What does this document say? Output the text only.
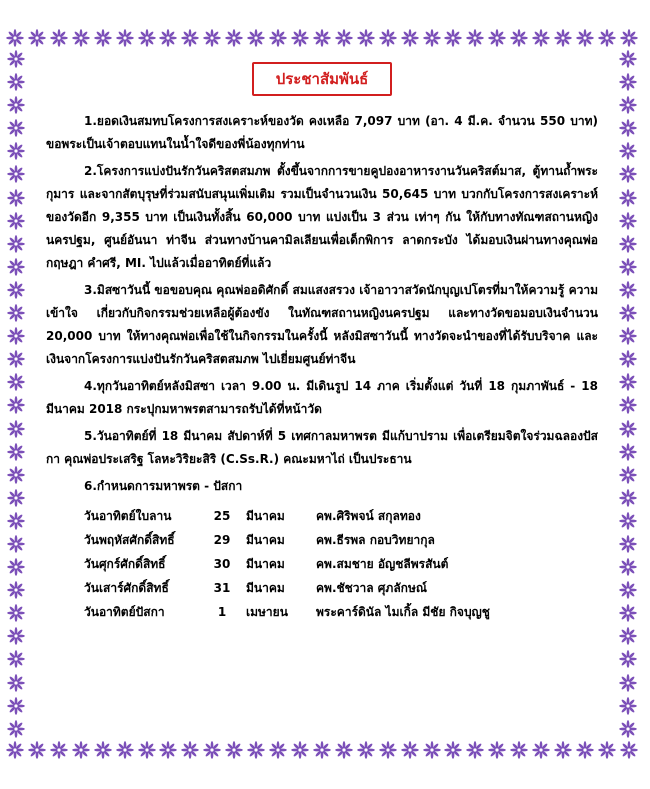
ประชาสัมพันธ์

1.ยอดเงินสมทบโครงการสงเคราะห์ของวัด คงเหลือ 7,097 บาท (อา. 4 มี.ค. จำนวน 550 บาท) ขอพระเป็นเจ้าตอบแทนในน้ำใจดีของพี่น้องทุกท่าน

2.โครงการแบ่งปันรักวันคริสตสมภพ ตั้งขึ้นจากการขายคูปองอาหารงานวันคริสต์มาส, ตู้ทานถ้ำพระกุมาร และจากสัตบุรุษที่ร่วมสนับสนุนเพิ่มเติม รวมเป็นจำนวนเงิน 50,645 บาท บวกกับโครงการสงเคราะห์ของวัดอีก 9,355 บาท เป็นเงินทั้งสิ้น 60,000 บาท แบ่งเป็น 3 ส่วน เท่าๆ กัน ให้กับทางทัณฑสถานหญิงนครปฐม, ศูนย์อันนา ท่าจีน ส่วนทางบ้านคามิลเลียนเพื่อเด็กพิการ ลาดกระบัง ได้มอบเงินผ่านทางคุณพ่อกฤษฎา คำศรี, MI. ไปแล้วเมื่ออาทิตย์ที่แล้ว

3.มิสซาวันนี้ ขอขอบคุณ คุณพ่ออดิศักดิ์ สมแสงสรวง เจ้าอาวาสวัดนักบุญเปโตรที่มาให้ความรู้ ความเข้าใจ เกี่ยวกับกิจกรรมช่วยเหลือผู้ต้องขัง ในทัณฑสถานหญิงนครปฐม และทางวัดขอมอบเงินจำนวน 20,000 บาท ให้ทางคุณพ่อเพื่อใช้ในกิจกรรมในครั้งนี้ หลังมิสซาวันนี้ ทางวัดจะนำของที่ได้รับบริจาค และเงินจากโครงการแบ่งปันรักวันคริสตสมภพ ไปเยี่ยมศูนย์ท่าจีน

4.ทุกวันอาทิตย์หลังมิสซา เวลา 9.00 น. มีเดินรูป 14 ภาค เริ่มตั้งแต่ วันที่ 18 กุมภาพันธ์ - 18 มีนาคม 2018 กระปุกมหาพรตสามารถรับได้ที่หน้าวัด

5.วันอาทิตย์ที่ 18 มีนาคม สัปดาห์ที่ 5 เทศกาลมหาพรต มีแก้บาปราม เพื่อเตรียมจิตใจร่วมฉลองปัสกา คุณพ่อประเสริฐ โลหะวิริยะสิริ (C.Ss.R.) คณะมหาไถ่ เป็นประธาน

6.กำหนดการมหาพรต - ปัสกา
วันอาทิตย์ใบลาน	25	มีนาคม	คพ.ศิริพจน์ สกุลทอง
วันพฤหัสศักดิ์สิทธิ์	29	มีนาคม	คพ.ธีรพล กอบวิทยากุล
วันศุกร์ศักดิ์สิทธิ์	30	มีนาคม	คพ.สมชาย อัญชลีพรสันต์
วันเสาร์ศักดิ์สิทธิ์	31	มีนาคม	คพ.ชัชวาล ศุภลักษณ์
วันอาทิตย์ปัสกา	1	เมษายน	พระคาร์ดินัล ไมเกิ้ล มีชัย กิจบุญชู
